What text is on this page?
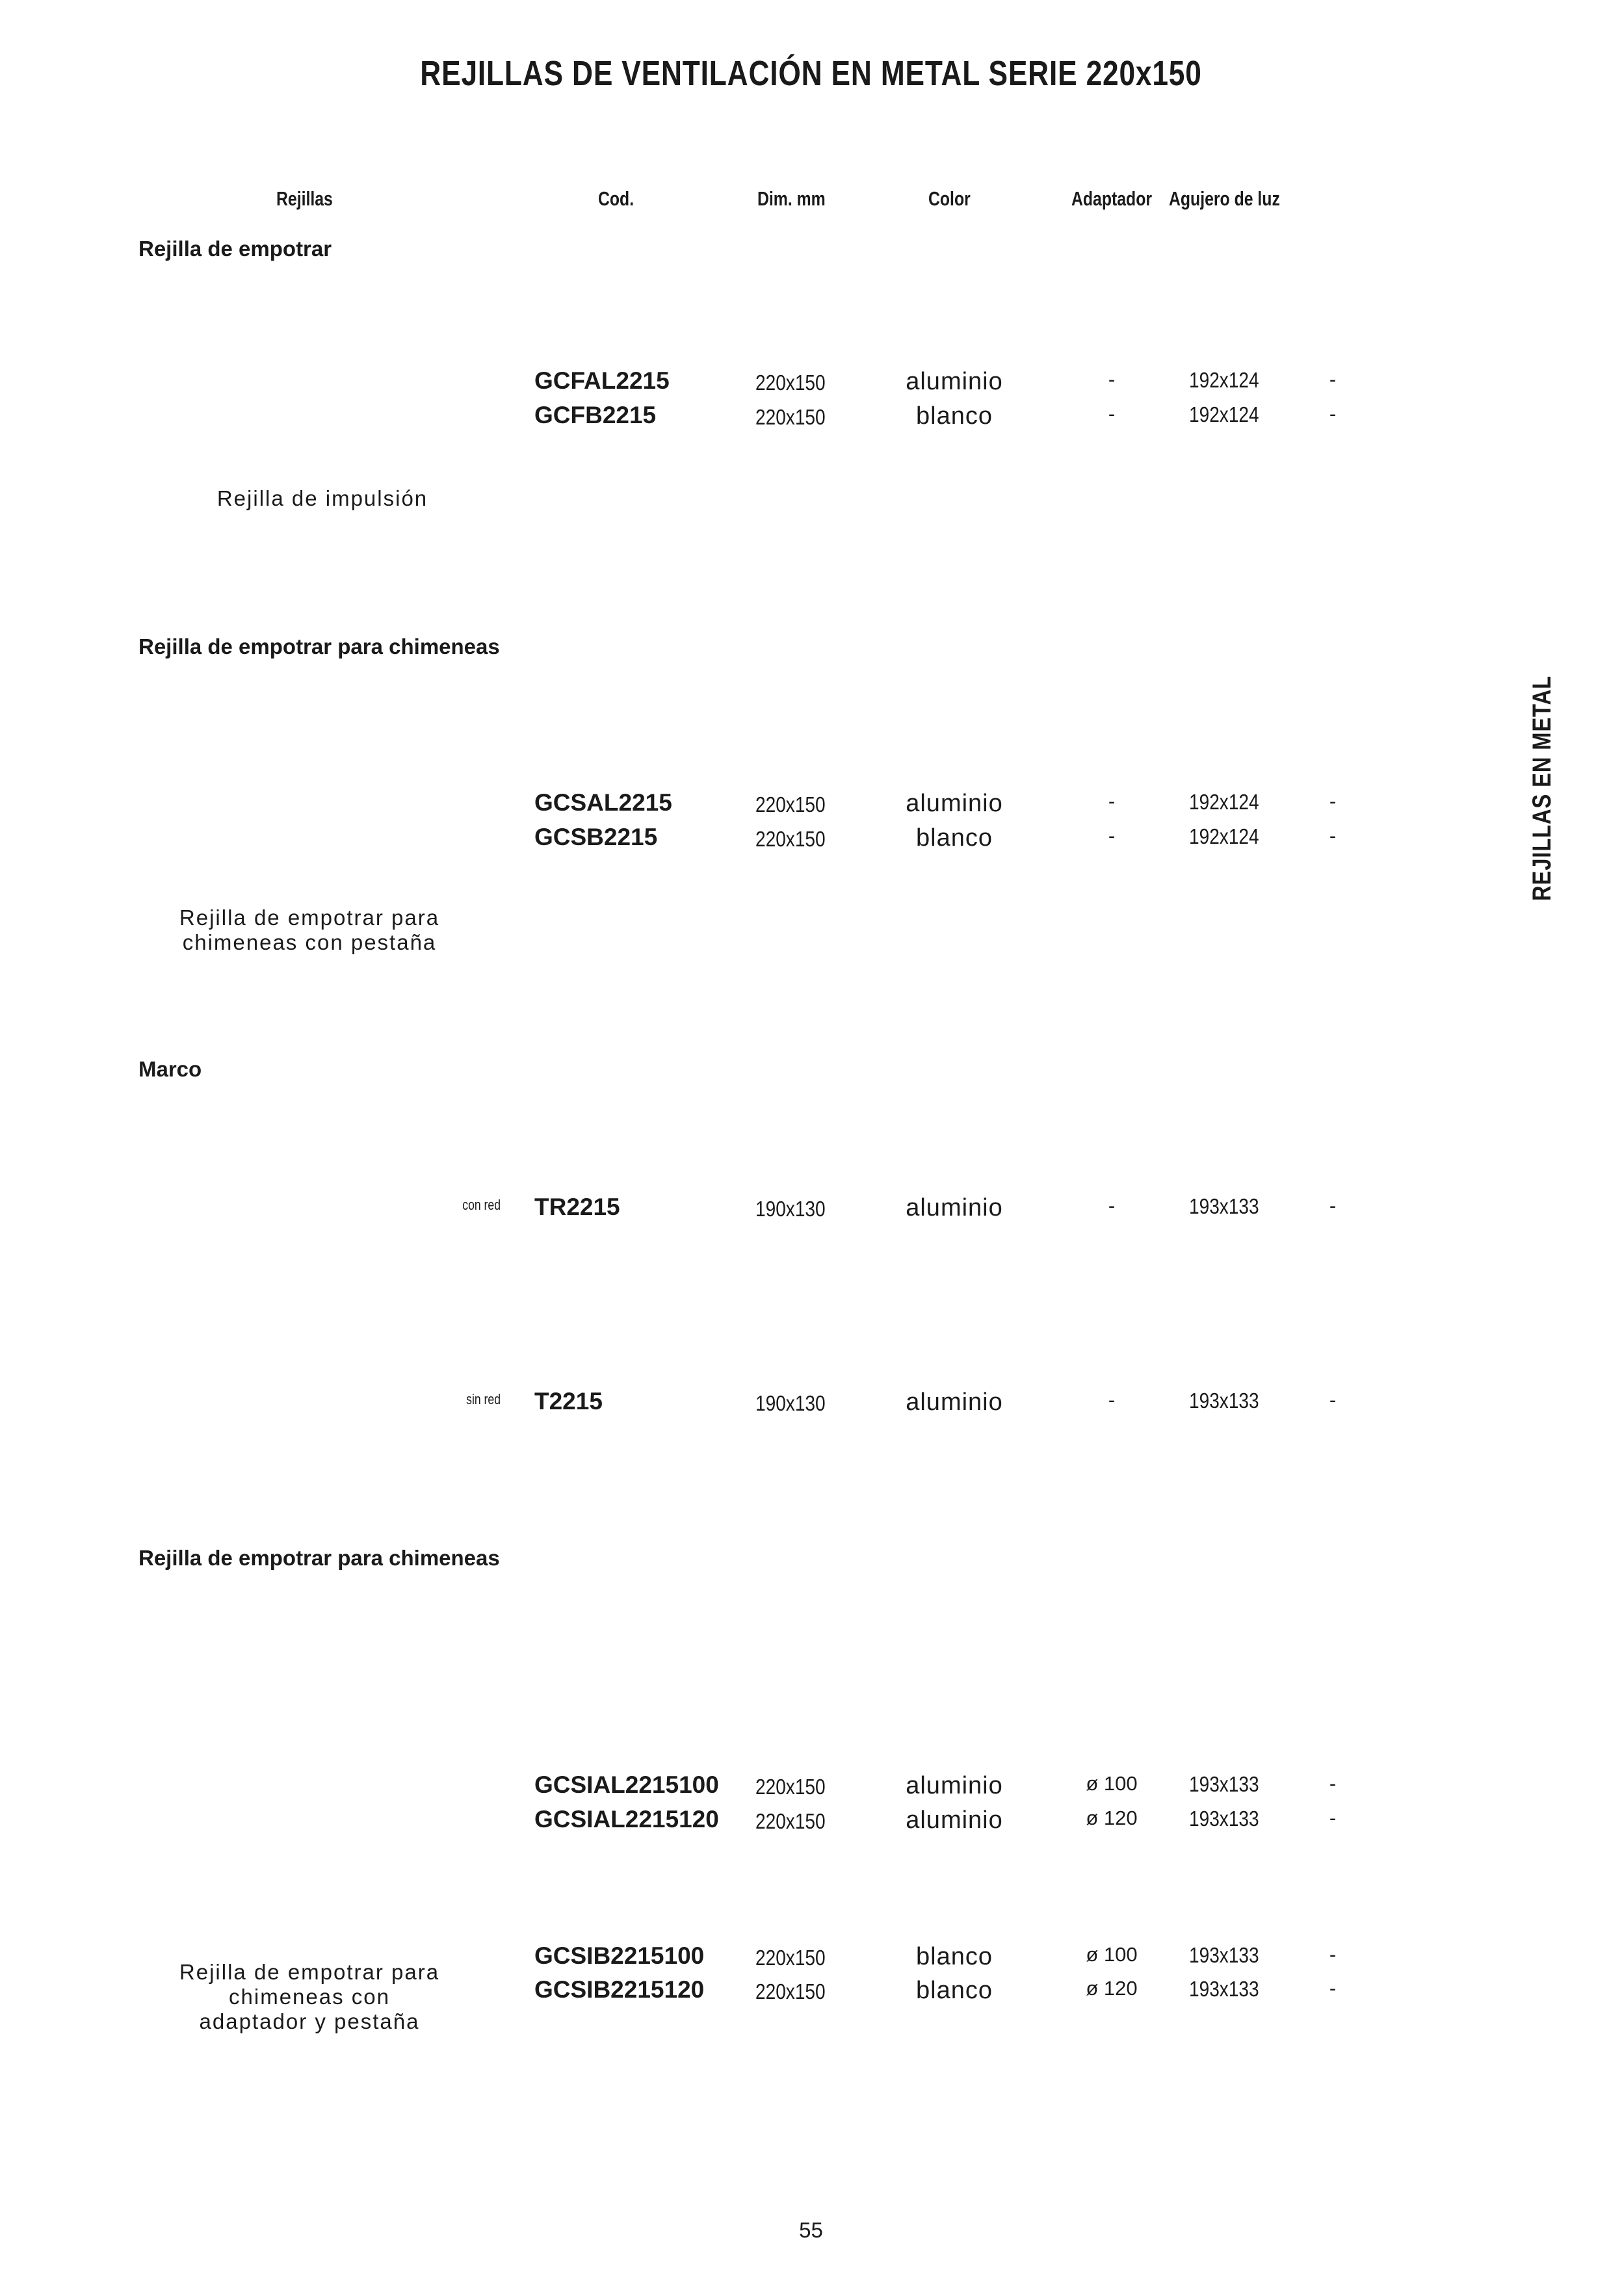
REJILLAS DE VENTILACIÓN EN METAL SERIE 220x150
Rejillas	Cod.	Dim. mm	Color	Adaptador Agujero de luz
Rejilla de empotrar
GCFAL2215	220x150	aluminio	-	192x124	-
GCFB2215	220x150	blanco	-	192x124	-
Rejilla de impulsión
Rejilla de empotrar para chimeneas
GCSAL2215	220x150	aluminio	-	192x124	-
GCSB2215	220x150	blanco	-	192x124	-
Rejilla de empotrar para
chimeneas con pestaña
Marco
con red TR2215	190x130	aluminio	-	193x133	-
sin red T2215	190x130	aluminio	-	193x133	-
Rejilla de empotrar para chimeneas
GCSIAL2215100 220x150	aluminio	ø 100	193x133	-
GCSIAL2215120 220x150	aluminio	ø 120	193x133	-
GCSIB2215100 220x150	blanco	ø 100	193x133	-
GCSIB2215120 220x150	blanco	ø 120	193x133	-
Rejilla de empotrar para
chimeneas con
adaptador y pestaña
REJILLAS EN METAL
55
